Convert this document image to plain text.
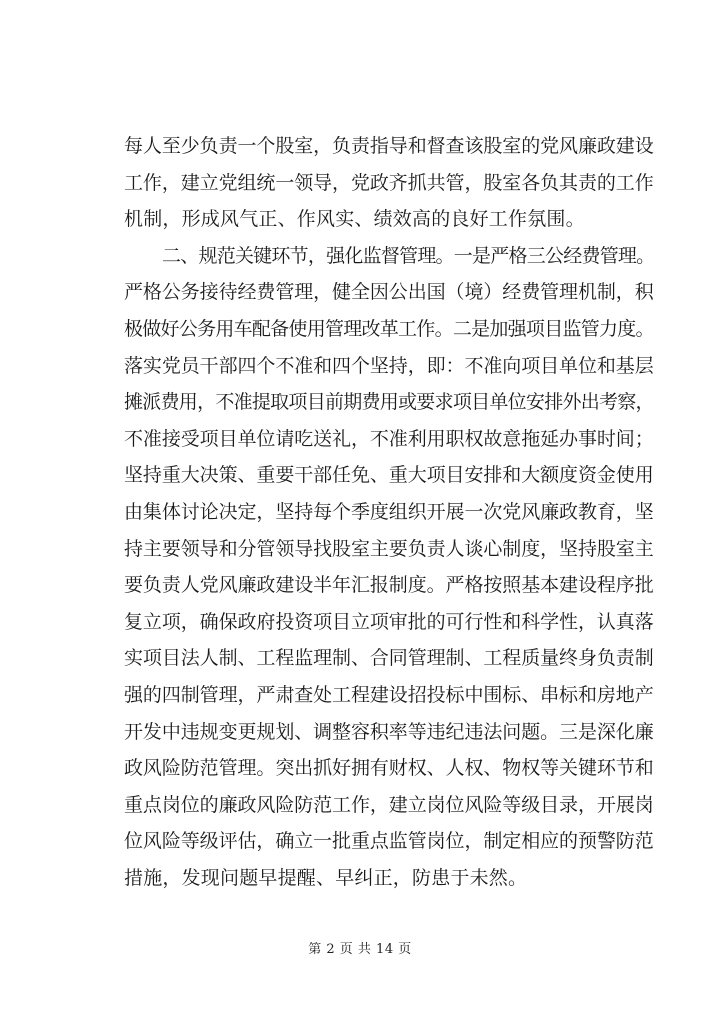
每人至少负责一个股室，负责指导和督查该股室的党风廉政建设
工作，建立党组统一领导，党政齐抓共管，股室各负其责的工作
机制，形成风气正、作风实、绩效高的良好工作氛围。
二、规范关键环节，强化监督管理。一是严格三公经费管理。
严格公务接待经费管理，健全因公出国（境）经费管理机制，积
极做好公务用车配备使用管理改革工作。二是加强项目监管力度。
落实党员干部四个不准和四个坚持，即：不准向项目单位和基层
摊派费用，不准提取项目前期费用或要求项目单位安排外出考察，
不准接受项目单位请吃送礼，不准利用职权故意拖延办事时间；
坚持重大决策、重要干部任免、重大项目安排和大额度资金使用
由集体讨论决定，坚持每个季度组织开展一次党风廉政教育，坚
持主要领导和分管领导找股室主要负责人谈心制度，坚持股室主
要负责人党风廉政建设半年汇报制度。严格按照基本建设程序批
复立项，确保政府投资项目立项审批的可行性和科学性，认真落
实项目法人制、工程监理制、合同管理制、工程质量终身负责制
强的四制管理，严肃查处工程建设招投标中围标、串标和房地产
开发中违规变更规划、调整容积率等违纪违法问题。三是深化廉
政风险防范管理。突出抓好拥有财权、人权、物权等关键环节和
重点岗位的廉政风险防范工作，建立岗位风险等级目录，开展岗
位风险等级评估，确立一批重点监管岗位，制定相应的预警防范
措施，发现问题早提醒、早纠正，防患于未然。
第 2 页 共 14 页
